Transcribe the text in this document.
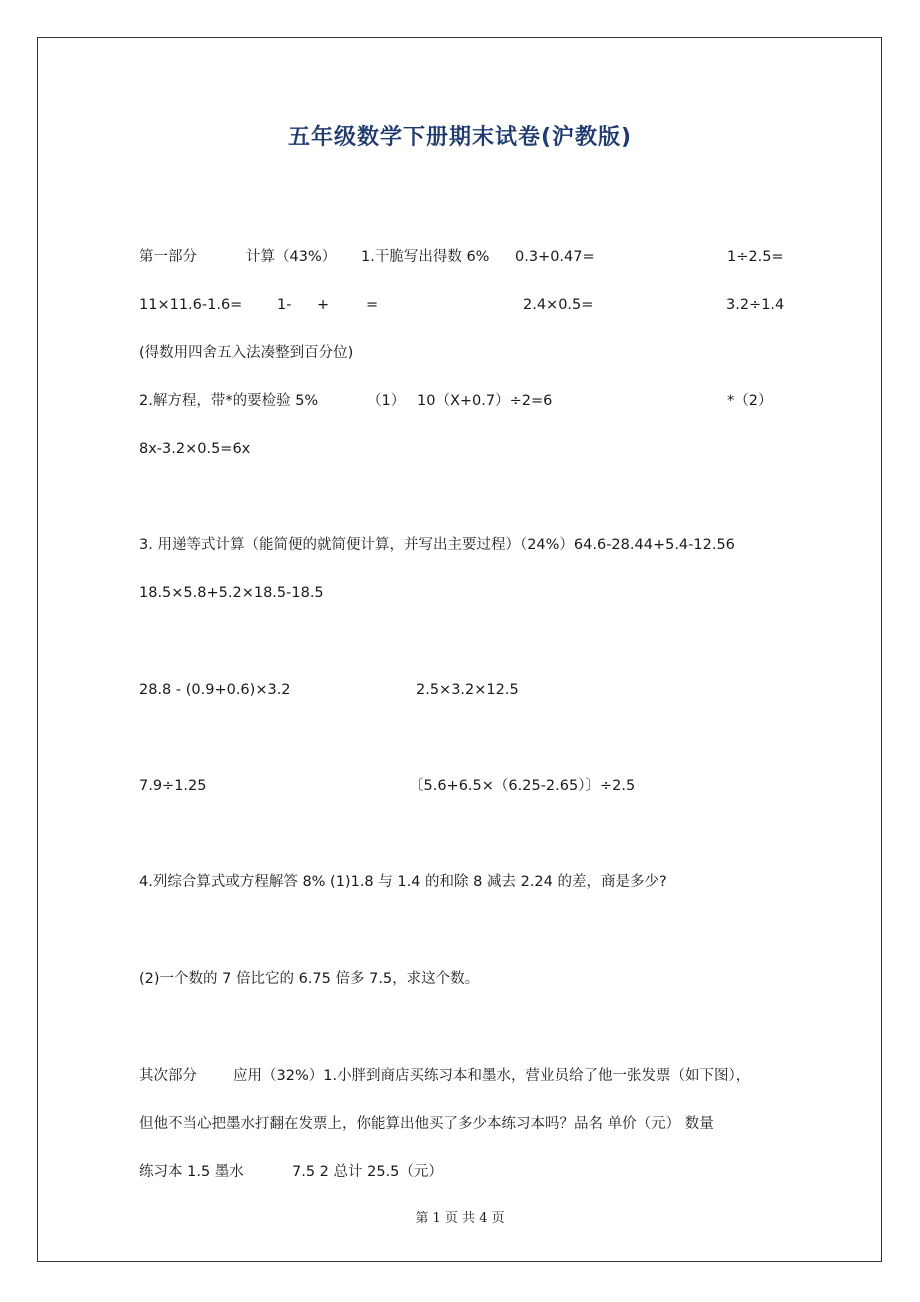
五年级数学下册期末试卷(沪教版)
第一部分	计算（43%） 1.干脆写出得数 6% 0.3+0.47=	1÷2.5=
11×11.6-1.6= 1- +	=	2.4×0.5=	3.2÷1.4
(得数用四舍五入法凑整到百分位)
2.解方程，带*的要检验 5%	（1） 10（X+0.7）÷2=6	*（2）
8x-3.2×0.5=6x
3. 用递等式计算（能简便的就简便计算，并写出主要过程）（24%）64.6-28.44+5.4-12.56
18.5×5.8+5.2×18.5-18.5
28.8 - (0.9+0.6)×3.2	2.5×3.2×12.5
7.9÷1.25	〔5.6+6.5×（6.25-2.65）〕÷2.5
4.列综合算式或方程解答 8% (1)1.8 与 1.4 的和除 8 减去 2.24 的差，商是多少?
(2)一个数的 7 倍比它的 6.75 倍多 7.5，求这个数。
其次部分 应用（32%）1.小胖到商店买练习本和墨水，营业员给了他一张发票（如下图），
但他不当心把墨水打翻在发票上，你能算出他买了多少本练习本吗？品名 单价（元） 数量
练习本 1.5 墨水	7.5 2 总计 25.5（元）
第 1 页 共 4 页
